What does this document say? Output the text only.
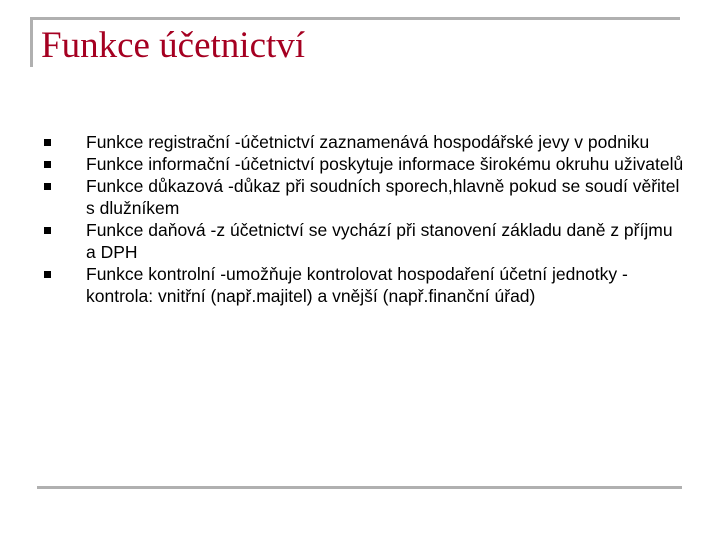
Funkce účetnictví
Funkce registrační -účetnictví zaznamenává hospodářské jevy v podniku
Funkce informační -účetnictví poskytuje informace širokému okruhu uživatelů
Funkce důkazová -důkaz při soudních sporech,hlavně pokud se soudí věřitel s dlužníkem
Funkce daňová -z účetnictví se vychází při stanovení základu daně z příjmu a DPH
Funkce kontrolní -umožňuje kontrolovat hospodaření účetní jednotky -kontrola: vnitřní (např.majitel) a vnější (např.finanční úřad)
